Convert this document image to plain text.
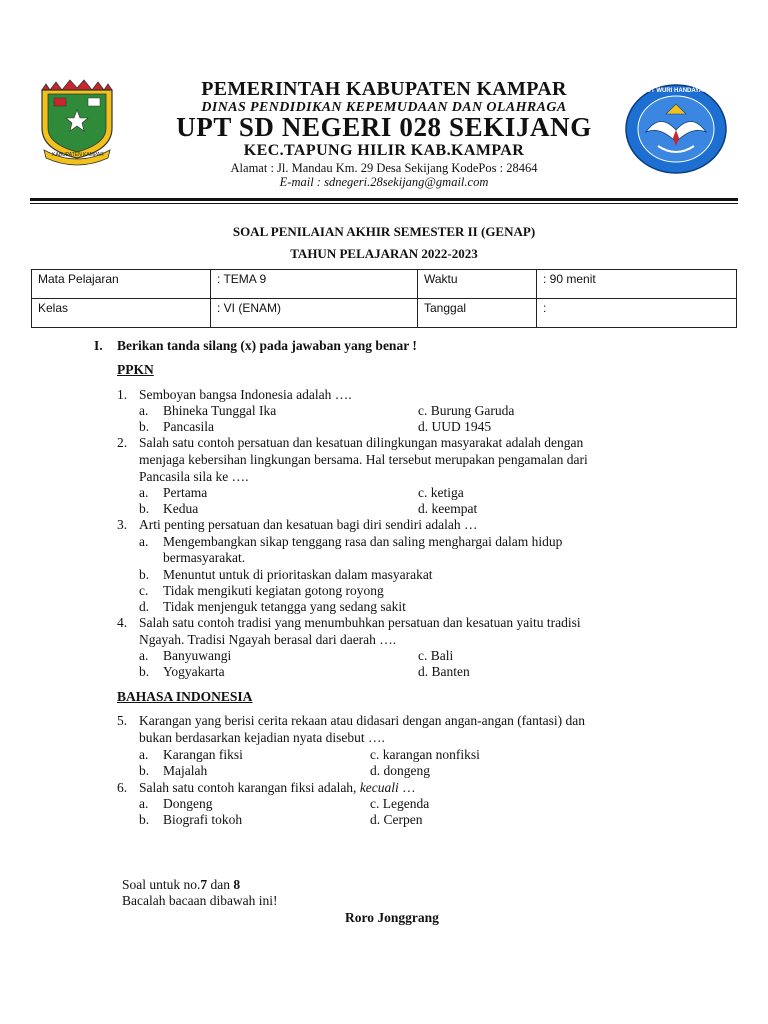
KABUPATEN KAMPAR
TUT WURI HANDAYANI
PEMERINTAH KABUPATEN KAMPAR
DINAS PENDIDIKAN KEPEMUDAAN DAN OLAHRAGA
UPT SD NEGERI 028 SEKIJANG
KEC.TAPUNG HILIR KAB.KAMPAR
Alamat : Jl. Mandau Km. 29 Desa Sekijang KodePos : 28464
E-mail : sdnegeri.28sekijang@gmail.com
SOAL PENILAIAN AKHIR SEMESTER II (GENAP)
TAHUN PELAJARAN 2022-2023
Mata Pelajaran	: TEMA 9	Waktu	: 90 menit
Kelas	: VI (ENAM)	Tanggal	:
I. Berikan tanda silang (x) pada jawaban yang benar !
PPKN
1. Semboyan bangsa Indonesia adalah ….
a. Bhineka Tunggal Ika	c. Burung Garuda
b. Pancasila	d. UUD 1945
2. Salah satu contoh persatuan dan kesatuan dilingkungan masyarakat adalah dengan
menjaga kebersihan lingkungan bersama. Hal tersebut merupakan pengamalan dari
Pancasila sila ke ….
a. Pertama	c. ketiga
b. Kedua	d. keempat
3. Arti penting persatuan dan kesatuan bagi diri sendiri adalah …
a. Mengembangkan sikap tenggang rasa dan saling menghargai dalam hidup
bermasyarakat.
b. Menuntut untuk di prioritaskan dalam masyarakat
c. Tidak mengikuti kegiatan gotong royong
d. Tidak menjenguk tetangga yang sedang sakit
4. Salah satu contoh tradisi yang menumbuhkan persatuan dan kesatuan yaitu tradisi
Ngayah. Tradisi Ngayah berasal dari daerah ….
a. Banyuwangi	c. Bali
b. Yogyakarta	d. Banten
BAHASA INDONESIA
5. Karangan yang berisi cerita rekaan atau didasari dengan angan-angan (fantasi) dan
bukan berdasarkan kejadian nyata disebut ….
a. Karangan fiksi	c. karangan nonfiksi
b. Majalah	d. dongeng
6. Salah satu contoh karangan fiksi adalah, kecuali …
a. Dongeng	c. Legenda
b. Biografi tokoh	d. Cerpen
Soal untuk no.7 dan 8
Bacalah bacaan dibawah ini!
Roro Jonggrang
